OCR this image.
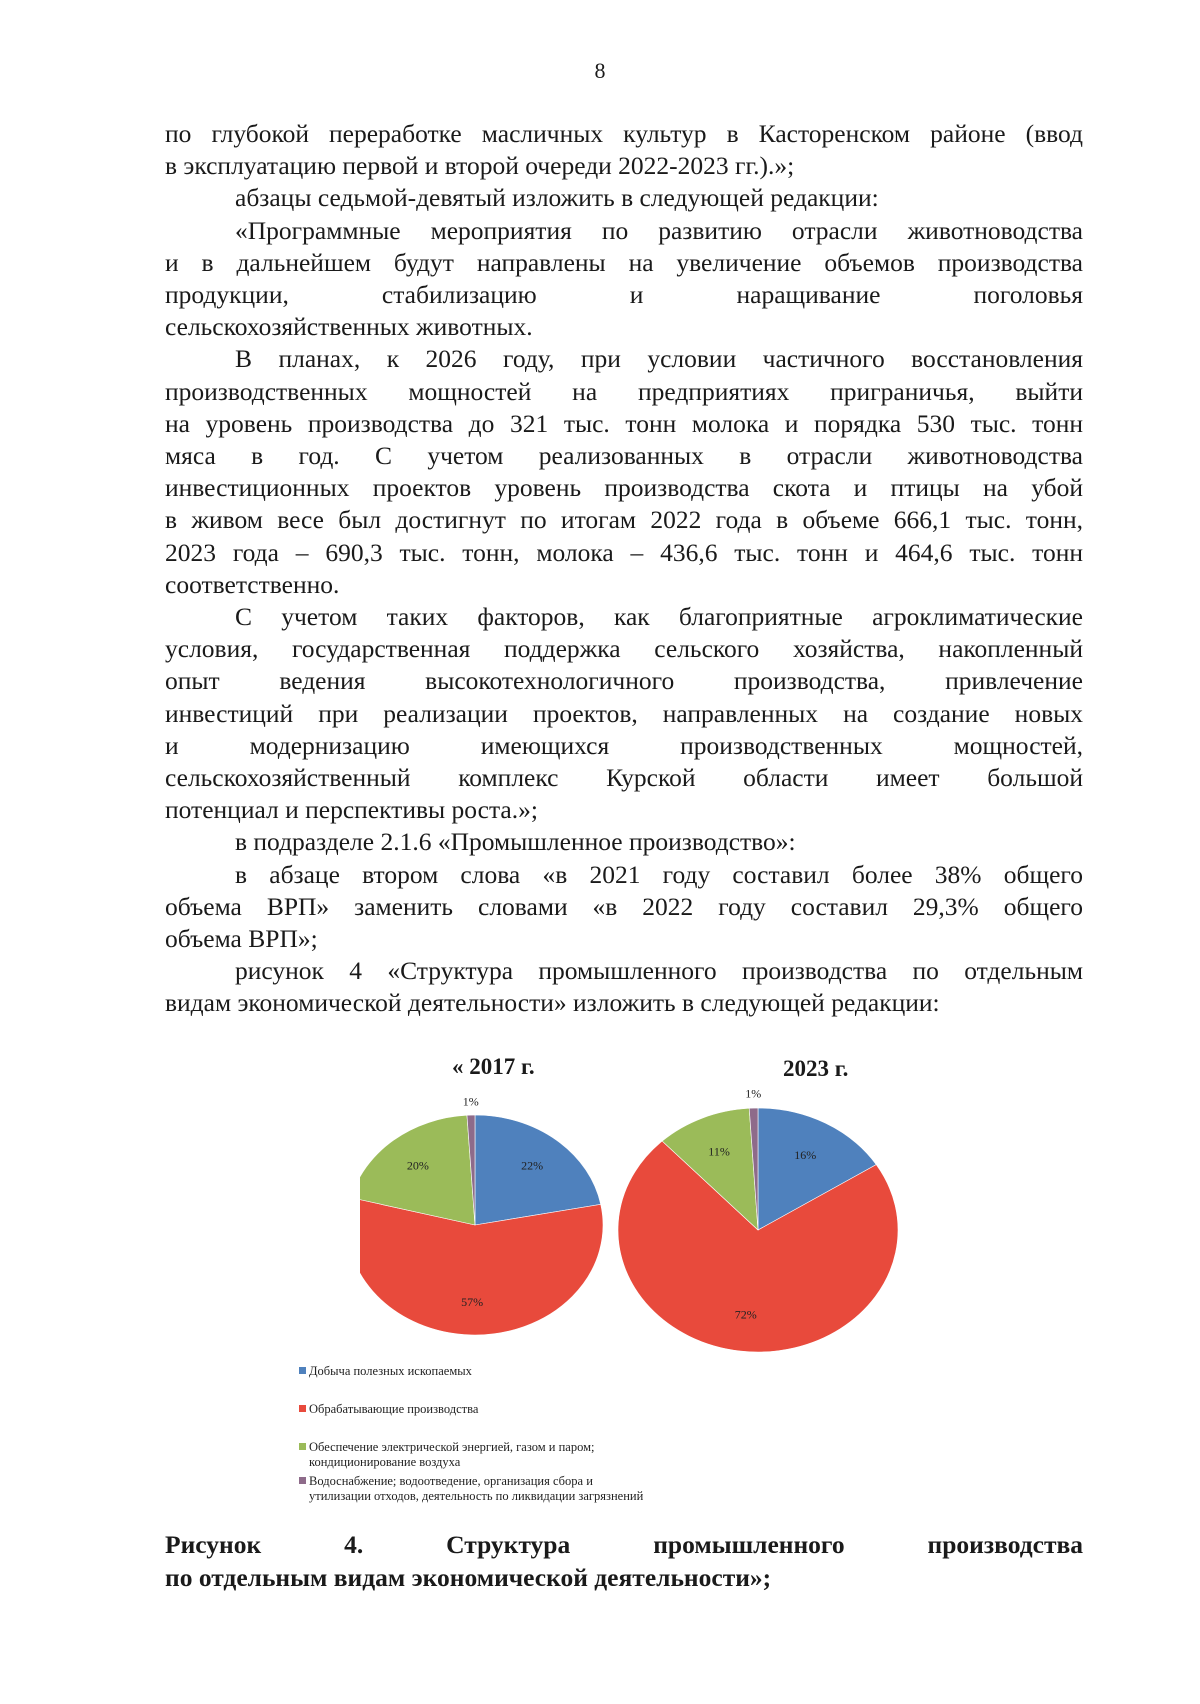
8

по глубокой переработке масличных культур в Касторенском районе (ввод

в эксплуатацию первой и второй очереди 2022-2023 гг.).»;

абзацы седьмой-девятый изложить в следующей редакции:

«Программные мероприятия по развитию отрасли животноводства

и в дальнейшем будут направлены на увеличение объемов производства

продукции, стабилизацию и наращивание поголовья

сельскохозяйственных животных.

В планах, к 2026 году, при условии частичного восстановления

производственных мощностей на предприятиях приграничья, выйти

на уровень производства до 321 тыс. тонн молока и порядка 530 тыс. тонн

мяса в год. С учетом реализованных в отрасли животноводства

инвестиционных проектов уровень производства скота и птицы на убой

в живом весе был достигнут по итогам 2022 года в объеме 666,1 тыс. тонн,

2023 года – 690,3 тыс. тонн, молока – 436,6 тыс. тонн и 464,6 тыс. тонн

соответственно.

С учетом таких факторов, как благоприятные агроклиматические

условия, государственная поддержка сельского хозяйства, накопленный

опыт ведения высокотехнологичного производства, привлечение

инвестиций при реализации проектов, направленных на создание новых

и модернизацию имеющихся производственных мощностей,

сельскохозяйственный комплекс Курской области имеет большой

потенциал и перспективы роста.»;

в подразделе 2.1.6 «Промышленное производство»:

в абзаце втором слова «в 2021 году составил более 38% общего

объема ВРП» заменить словами «в 2022 году составил 29,3% общего

объема ВРП»;

рисунок 4 «Структура промышленного производства по отдельным

видам экономической деятельности» изложить в следующей редакции:

« 2017 г.	2023 г.
22%
57%
20%
1%
16%
72%
11%
1%
Добыча полезных ископаемых
Обрабатывающие производства
Обеспечение электрической энергией, газом и паром;
кондиционирование воздуха
Водоснабжение; водоотведение, организация сбора и
утилизации отходов, деятельность по ликвидации загрязнений

Рисунок 4. Структура промышленного производства

по отдельным видам экономической деятельности»;
